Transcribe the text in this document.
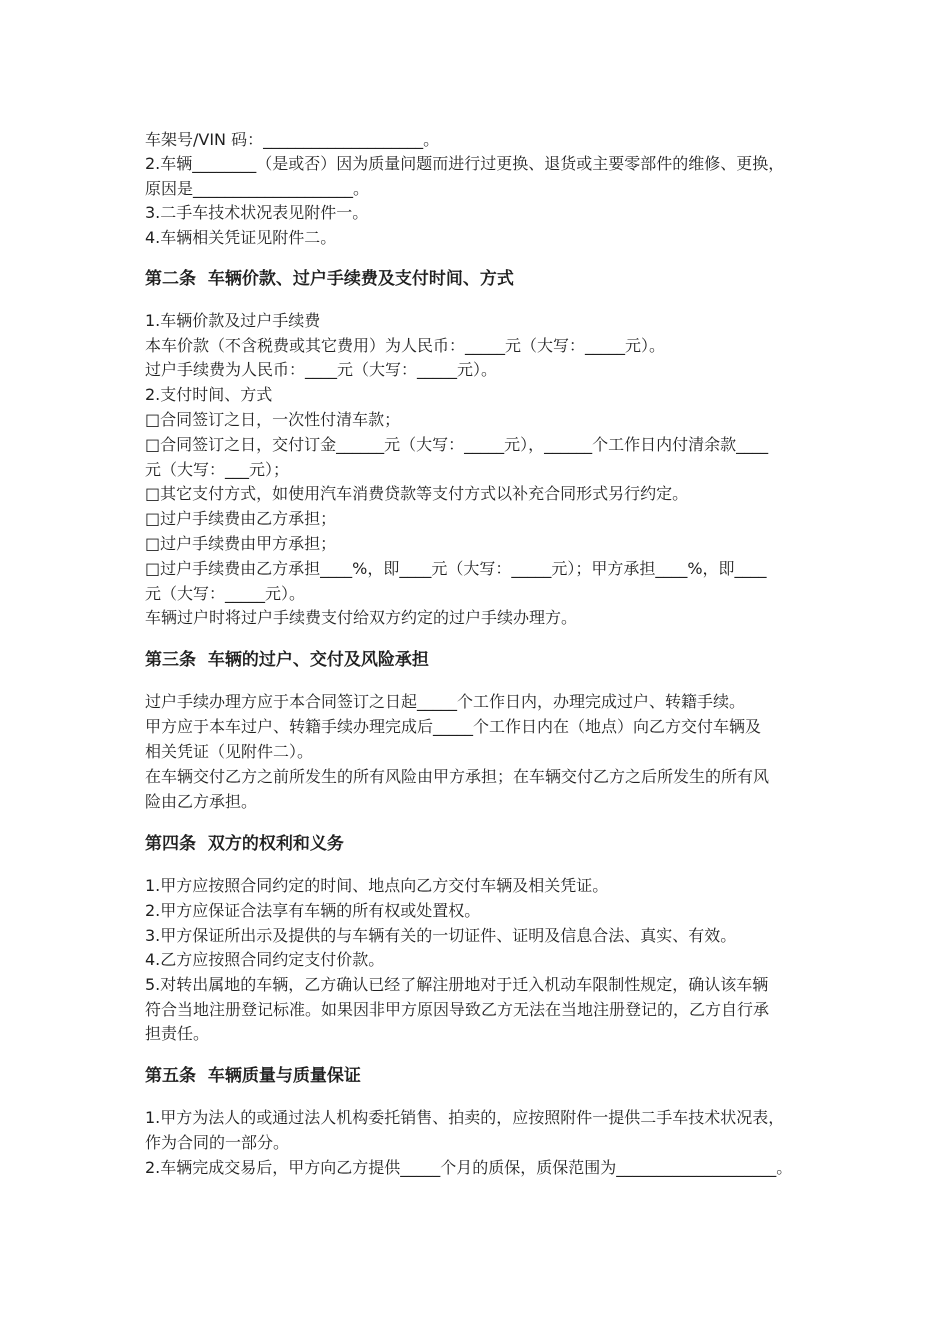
车架号/VIN 码：____________________。
2.车辆________（是或否）因为质量问题而进行过更换、退货或主要零部件的维修、更换，
原因是____________________。
3.二手车技术状况表见附件一。
4.车辆相关凭证见附件二。
第二条  车辆价款、过户手续费及支付时间、方式
1.车辆价款及过户手续费
本车价款（不含税费或其它费用）为人民币：_____元（大写：_____元）。
过户手续费为人民币：____元（大写：_____元）。
2.支付时间、方式
□合同签订之日，一次性付清车款；
□合同签订之日，交付订金______元（大写：_____元），______个工作日内付清余款____
元（大写：___元）；
□其它支付方式，如使用汽车消费贷款等支付方式以补充合同形式另行约定。
□过户手续费由乙方承担；
□过户手续费由甲方承担；
□过户手续费由乙方承担____%，即____元（大写：_____元）；甲方承担____%，即____
元（大写：_____元）。
车辆过户时将过户手续费支付给双方约定的过户手续办理方。
第三条  车辆的过户、交付及风险承担
过户手续办理方应于本合同签订之日起_____个工作日内，办理完成过户、转籍手续。
甲方应于本车过户、转籍手续办理完成后_____个工作日内在（地点）向乙方交付车辆及
相关凭证（见附件二）。
在车辆交付乙方之前所发生的所有风险由甲方承担；在车辆交付乙方之后所发生的所有风
险由乙方承担。
第四条  双方的权利和义务
1.甲方应按照合同约定的时间、地点向乙方交付车辆及相关凭证。
2.甲方应保证合法享有车辆的所有权或处置权。
3.甲方保证所出示及提供的与车辆有关的一切证件、证明及信息合法、真实、有效。
4.乙方应按照合同约定支付价款。
5.对转出属地的车辆，乙方确认已经了解注册地对于迁入机动车限制性规定，确认该车辆
符合当地注册登记标准。如果因非甲方原因导致乙方无法在当地注册登记的，乙方自行承
担责任。
第五条  车辆质量与质量保证
1.甲方为法人的或通过法人机构委托销售、拍卖的，应按照附件一提供二手车技术状况表，
作为合同的一部分。
2.车辆完成交易后，甲方向乙方提供_____个月的质保，质保范围为____________________。
